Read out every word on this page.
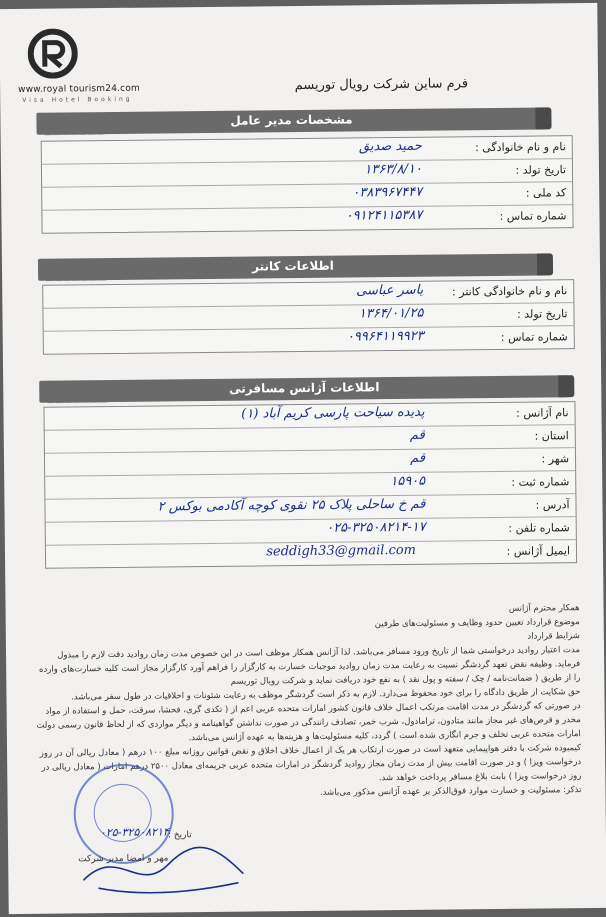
www.royal tourism24.com
Visa Hotel Booking
فرم ساین شرکت رویال توریسم
مشخصات مدیر عامل
نام و نام خانوادگی :
حمید صدیق
تاریخ تولد :
۱۳۶۳/۸/۱۰
کد ملی :
۰۳۸۳۹۶۷۴۴۷
شماره تماس :
۰۹۱۲۴۱۱۵۳۸۷
اطلاعات کانتر
نام و نام خانوادگی کانتر :
یاسر عباسی
تاریخ تولد :
۱۳۶۴/۰۱/۲۵
شماره تماس :
۰۹۹۶۴۱۱۹۹۲۳
اطلاعات آژانس مسافرتی
نام آژانس :
پدیده سیاحت پارسی کریم آباد (۱)
استان :
قم
شهر :
قم
شماره ثبت :
۱۵۹۰۵
آدرس :
قم خ ساحلی پلاک ۲۵ نقوی کوچه آکادمی بوکس ۲
شماره تلفن :
۰۲۵-۳۲۵۰۸۲۱۴-۱۷
ایمیل آژانس :
seddigh33@gmail.com

همکار محترم آژانس

موضوع قرارداد تعیین حدود وظایف و مسئولیت‌های طرفین

شرایط قرارداد

مدت اعتبار روادید درخواستی شما از تاریخ ورود مسافر می‌باشد. لذا آژانس همکار موظف است در این خصوص مدت زمان روادید دقت لازم را مبذول فرماید. وظیفه نقض تعهد گردشگر نسبت به رعایت مدت زمان روادید موجبات خسارت به کارگزار را فراهم آورد کارگزار مجاز است کلیه خسارت‌های وارده را از طریق ( ضمانت‌نامه / چک / سفته و پول نقد ) به نفع خود دریافت نماید و شرکت رویال توریسم

حق شکایت از طریق دادگاه را برای خود محفوظ می‌دارد. لازم به ذکر است گردشگر موظف به رعایت شئونات و اخلاقیات در طول سفر می‌باشد.

در صورتی که گردشگر در مدت اقامت مرتکب اعمال خلاف قانون کشور امارات متحده عربی اعم از ( تکدی گری، فحشا، سرقت، حمل و استفاده از مواد مخدر و قرص‌های غیر مجاز مانند متادون، ترامادول، شرب خمر، تصادف رانندگی در صورت نداشتن گواهینامه و دیگر مواردی که از لحاظ قانون رسمی دولت امارات متحده عربی تخلف و جرم انگاری شده است ) گردد، کلیه مسئولیت‌ها و هزینه‌ها به عهده آژانس می‌باشد.

کیمبوده شرکت با دفتر هواپیمایی متعهد است در صورت ارتکاب هر یک از اعمال خلاف اخلاق و نقض قوانین روزانه مبلغ ۱۰۰ درهم ( معادل ریالی آن در روز درخواست ویزا ) و در صورت اقامت بیش از مدت زمان مجاز روادید گردشگر در امارات متحده عربی جریمه‌ای معادل ۲۵۰۰ درهم امارات ( معادل ریالی در روز درخواست ویزا ) بابت بلاغ مسافر پرداخت خواهد شد.

تذکر: مسئولیت و خسارت موارد فوق‌الذکر بر عهده آژانس مذکور می‌باشد.

۰۲۵-۳۲۵۰۸۲۱۴
تاریخ :
مهر و امضا مدیر شرکت
